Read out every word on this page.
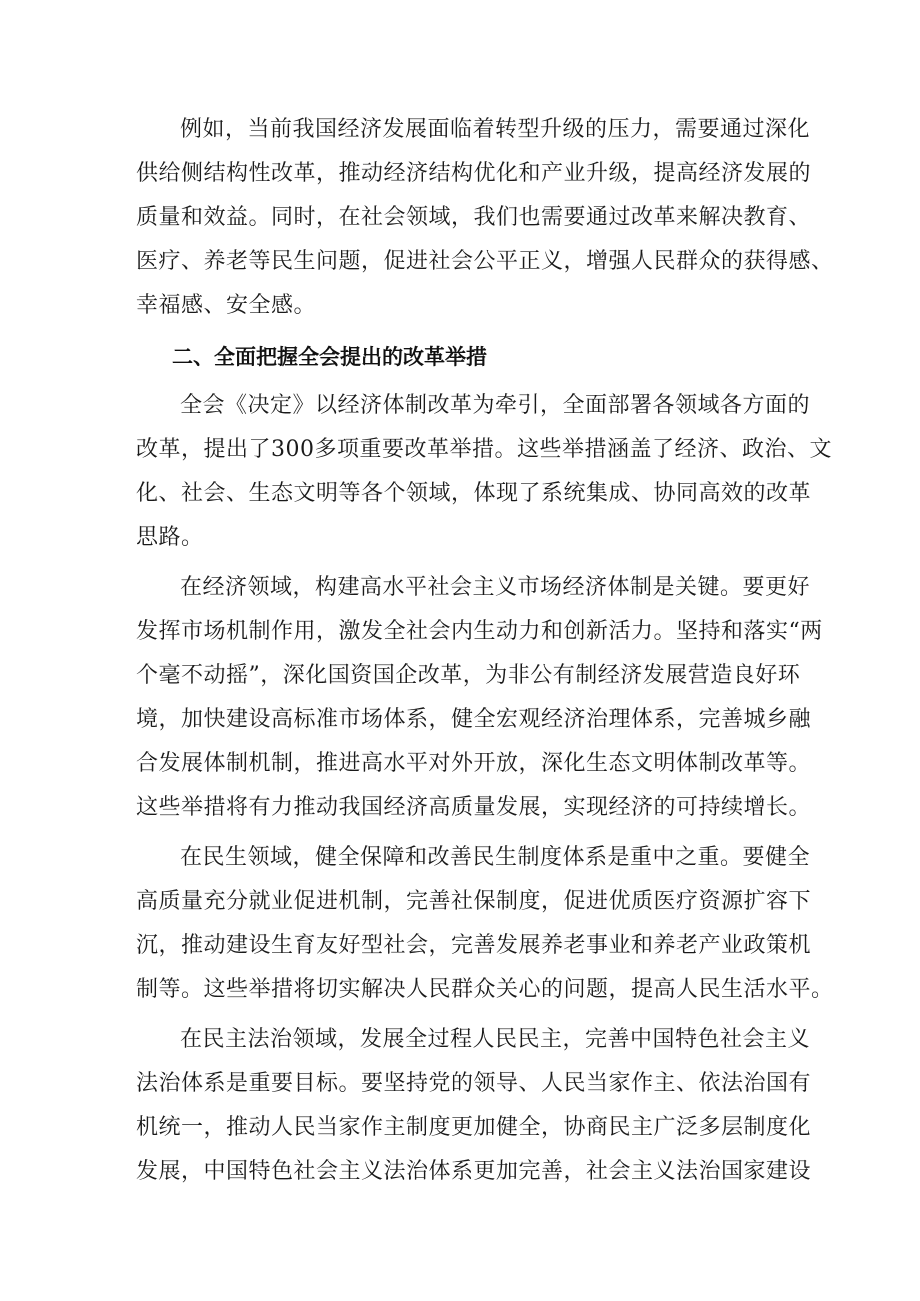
例如，当前我国经济发展面临着转型升级的压力，需要通过深化
供给侧结构性改革，推动经济结构优化和产业升级，提高经济发展的
质量和效益。同时，在社会领域，我们也需要通过改革来解决教育、
医疗、养老等民生问题，促进社会公平正义，增强人民群众的获得感、
幸福感、安全感。
二、全面把握全会提出的改革举措
全会《决定》以经济体制改革为牵引，全面部署各领域各方面的
改革，提出了300多项重要改革举措。这些举措涵盖了经济、政治、文
化、社会、生态文明等各个领域，体现了系统集成、协同高效的改革
思路。
在经济领域，构建高水平社会主义市场经济体制是关键。要更好
发挥市场机制作用，激发全社会内生动力和创新活力。坚持和落实“两
个毫不动摇”，深化国资国企改革，为非公有制经济发展营造良好环
境，加快建设高标准市场体系，健全宏观经济治理体系，完善城乡融
合发展体制机制，推进高水平对外开放，深化生态文明体制改革等。
这些举措将有力推动我国经济高质量发展，实现经济的可持续增长。
在民生领域，健全保障和改善民生制度体系是重中之重。要健全
高质量充分就业促进机制，完善社保制度，促进优质医疗资源扩容下
沉，推动建设生育友好型社会，完善发展养老事业和养老产业政策机
制等。这些举措将切实解决人民群众关心的问题，提高人民生活水平。
在民主法治领域，发展全过程人民民主，完善中国特色社会主义
法治体系是重要目标。要坚持党的领导、人民当家作主、依法治国有
机统一，推动人民当家作主制度更加健全，协商民主广泛多层制度化
发展，中国特色社会主义法治体系更加完善，社会主义法治国家建设
